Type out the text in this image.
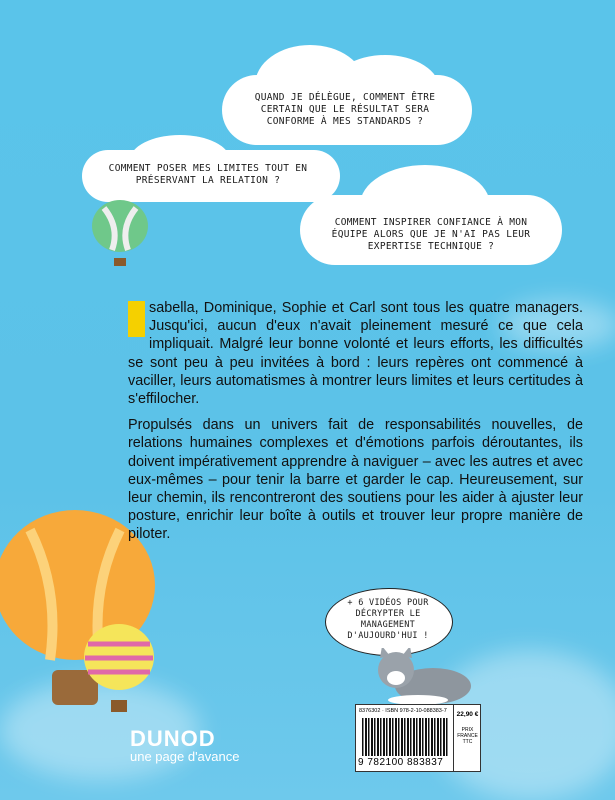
QUAND JE DÉLÈGUE, COMMENT ÊTRE CERTAIN QUE LE RÉSULTAT SERA CONFORME À MES STANDARDS ?
COMMENT POSER MES LIMITES TOUT EN PRÉSERVANT LA RELATION ?
COMMENT INSPIRER CONFIANCE À MON ÉQUIPE ALORS QUE JE N'AI PAS LEUR EXPERTISE TECHNIQUE ?

sabella, Dominique, Sophie et Carl sont tous les quatre managers. Jusqu'ici, aucun d'eux n'avait pleinement mesuré ce que cela impliquait. Malgré leur bonne volonté et leurs efforts, les difficultés se sont peu à peu invitées à bord : leurs repères ont commencé à vaciller, leurs automatismes à montrer leurs limites et leurs certitudes à s'effilocher.

Propulsés dans un univers fait de responsabilités nouvelles, de relations humaines complexes et d'émotions parfois déroutantes, ils doivent impérativement apprendre à naviguer – avec les autres et avec eux-mêmes – pour tenir la barre et garder le cap. Heureusement, sur leur chemin, ils rencontreront des soutiens pour les aider à ajuster leur posture, enrichir leur boîte à outils et trouver leur propre manière de piloter.

+ 6 VIDÉOS POUR DÉCRYPTER LE MANAGEMENT D'AUJOURD'HUI !
DUNOD
une page d'avance
8376302 · ISBN 978-2-10-088383-7
9 782100 883837
22,90 €
PRIX FRANCE TTC
